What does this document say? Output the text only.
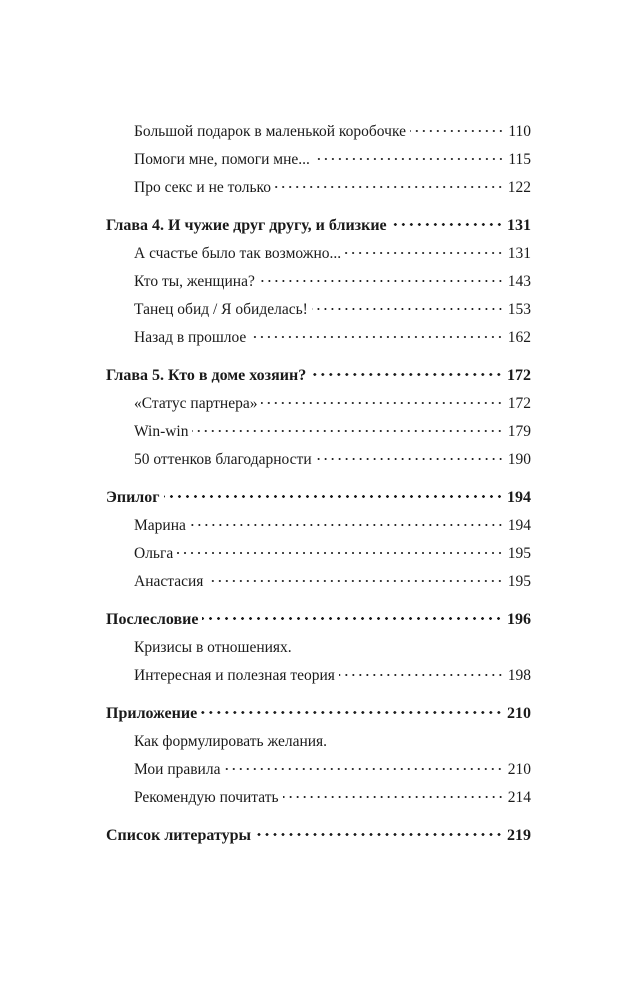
Большой подарок в маленькой коробочке	110
Помоги мне, помоги мне...	115
Про секс и не только	122
Глава 4. И чужие друг другу, и близкие	131
А счастье было так возможно...	131
Кто ты, женщина?	143
Танец обид / Я обиделась!	153
Назад в прошлое	162
Глава 5. Кто в доме хозяин?	172
«Статус партнера»	172
Win-win	179
50 оттенков благодарности	190
Эпилог	194
Марина	194
Ольга	195
Анастасия	195
Послесловие	196
Кризисы в отношениях.
Интересная и полезная теория	198
Приложение	210
Как формулировать желания.
Мои правила	210
Рекомендую почитать	214
Список литературы	219
